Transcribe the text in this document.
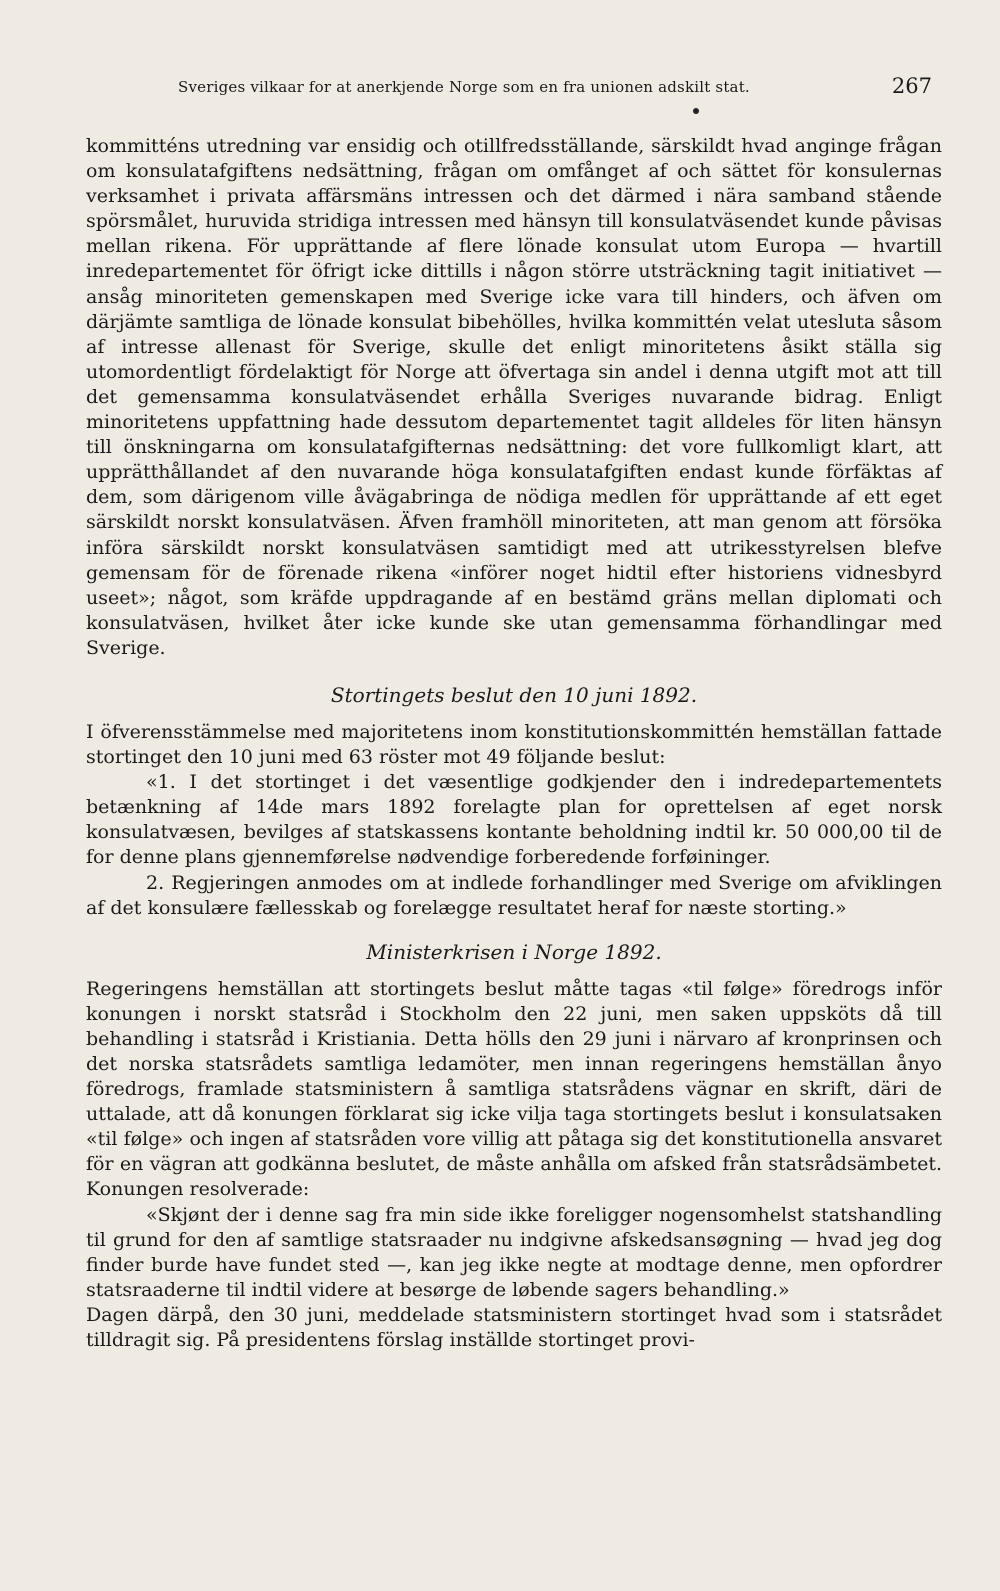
Sveriges vilkaar for at anerkjende Norge som en fra unionen adskilt stat.	267

kommitténs utredning var ensidig och otillfredsställande, särskildt hvad anginge frågan om konsulatafgiftens nedsättning, frågan om omfånget af och sättet för konsulernas verksamhet i privata affärsmäns intressen och det därmed i nära samband stående spörsmålet, huruvida stridiga intressen med hänsyn till konsulatväsendet kunde påvisas mellan rikena. För upprättande af flere lönade konsulat utom Europa — hvartill inredepartementet för öfrigt icke dittills i någon större utsträckning tagit initiativet — ansåg minoriteten gemenskapen med Sverige icke vara till hinders, och äfven om därjämte samtliga de lönade konsulat bibehölles, hvilka kommittén velat utesluta såsom af intresse allenast för Sverige, skulle det enligt minoritetens åsikt ställa sig utomordentligt fördelaktigt för Norge att öfvertaga sin andel i denna utgift mot att till det gemensamma konsulatväsendet erhålla Sveriges nuvarande bidrag. Enligt minoritetens uppfattning hade dessutom departementet tagit alldeles för liten hänsyn till önskningarna om konsulatafgifternas nedsättning: det vore fullkomligt klart, att upprätthållandet af den nuvarande höga konsulatafgiften endast kunde förfäktas af dem, som därigenom ville åvägabringa de nödiga medlen för upprättande af ett eget särskildt norskt konsulatväsen. Äfven framhöll minoriteten, att man genom att försöka införa särskildt norskt konsulatväsen samtidigt med att utrikesstyrelsen blefve gemensam för de förenade rikena «införer noget hidtil efter historiens vidnesbyrd useet»; något, som kräfde uppdragande af en bestämd gräns mellan diplomati och konsulatväsen, hvilket åter icke kunde ske utan gemensamma förhandlingar med Sverige.

Stortingets beslut den 10 juni 1892.

I öfverensstämmelse med majoritetens inom konstitutionskommittén hemställan fattade stortinget den 10 juni med 63 röster mot 49 följande beslut:

«1. I det stortinget i det væsentlige godkjender den i indredepartementets betænkning af 14de mars 1892 forelagte plan for oprettelsen af eget norsk konsulatvæsen, bevilges af statskassens kontante beholdning indtil kr. 50 000,00 til de for denne plans gjennemførelse nødvendige forberedende forføininger.

2. Regjeringen anmodes om at indlede forhandlinger med Sverige om afviklingen af det konsulære fællesskab og forelægge resultatet heraf for næste storting.»

Ministerkrisen i Norge 1892.

Regeringens hemställan att stortingets beslut måtte tagas «til følge» föredrogs inför konungen i norskt statsråd i Stockholm den 22 juni, men saken uppsköts då till behandling i statsråd i Kristiania. Detta hölls den 29 juni i närvaro af kronprinsen och det norska statsrådets samtliga ledamöter, men innan regeringens hemställan ånyo föredrogs, framlade statsministern å samtliga statsrådens vägnar en skrift, däri de uttalade, att då konungen förklarat sig icke vilja taga stortingets beslut i konsulatsaken «til følge» och ingen af statsråden vore villig att påtaga sig det konstitutionella ansvaret för en vägran att godkänna beslutet, de måste anhålla om afsked från statsrådsämbetet. Konungen resolverade:

«Skjønt der i denne sag fra min side ikke foreligger nogensomhelst statshandling til grund for den af samtlige statsraader nu indgivne afskedsansøgning — hvad jeg dog finder burde have fundet sted —, kan jeg ikke negte at modtage denne, men opfordrer statsraaderne til indtil videre at besørge de løbende sagers behandling.»

Dagen därpå, den 30 juni, meddelade statsministern stortinget hvad som i statsrådet tilldragit sig. På presidentens förslag inställde stortinget provi-
